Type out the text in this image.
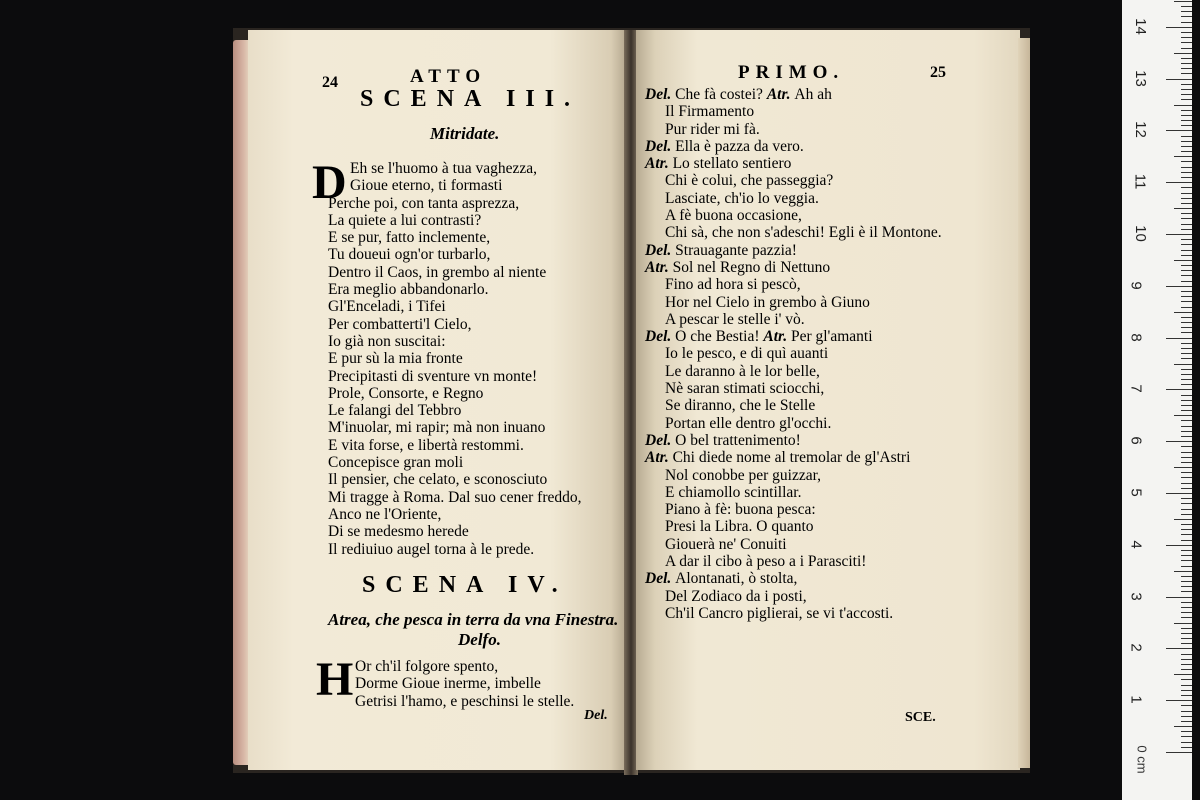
24	ATTO
SCENA III.
Mitridate.
D Eh se l'huomo à tua vaghezza,
Gioue eterno, ti formasti
Perche poi, con tanta asprezza,
La quiete a lui contrasti?
E se pur, fatto inclemente,
Tu doueui ogn'or turbarlo,
Dentro il Caos, in grembo al niente
Era meglio abbandonarlo.
Gl'Enceladi, i Tifei
Per combatterti'l Cielo,
Io già non suscitai:
E pur sù la mia fronte
Precipitasti di sventure vn monte!
Prole, Consorte, e Regno
Le falangi del Tebbro
M'inuolar, mi rapir; mà non inuano
E vita forse, e libertà restommi.
Concepisce gran moli
Il pensier, che celato, e sconosciuto
Mi tragge à Roma. Dal suo cener freddo,
Anco ne l'Oriente,
Di se medesmo herede
Il rediuiuo augel torna à le prede.
SCENA IV.
Atrea, che pesca in terra da vna Finestra.
Delfo.
H Or ch'il folgore spento,
Dorme Gioue inerme, imbelle
Getrisi l'hamo, e peschinsi le stelle.
Del.
PRIMO.	25
Del. Che fà costei? Atr. Ah ah
Il Firmamento
Pur rider mi fà.
Del. Ella è pazza da vero.
Atr. Lo stellato sentiero
Chi è colui, che passeggia?
Lasciate, ch'io lo veggia.
A fè buona occasione,
Chi sà, che non s'adeschi! Egli è il Montone.
Del. Strauagante pazzia!
Atr. Sol nel Regno di Nettuno
Fino ad hora si pescò,
Hor nel Cielo in grembo à Giuno
A pescar le stelle i' vò.
Del. O che Bestia! Atr. Per gl'amanti
Io le pesco, e di quì auanti
Le daranno à le lor belle,
Nè saran stimati sciocchi,
Se diranno, che le Stelle
Portan elle dentro gl'occhi.
Del. O bel trattenimento!
Atr. Chi diede nome al tremolar de gl'Astri
Nol conobbe per guizzar,
E chiamollo scintillar.
Piano à fè: buona pesca:
Presi la Libra. O quanto
Giouerà ne' Conuiti
A dar il cibo à peso a i Parasciti!
Del. Alontanati, ò stolta,
Del Zodiaco da i posti,
Ch'il Cancro piglierai, se vi t'accosti.
SCE.
14
13
12
11
10
9
8
7
6
5
4
3
2
1
0 cm
